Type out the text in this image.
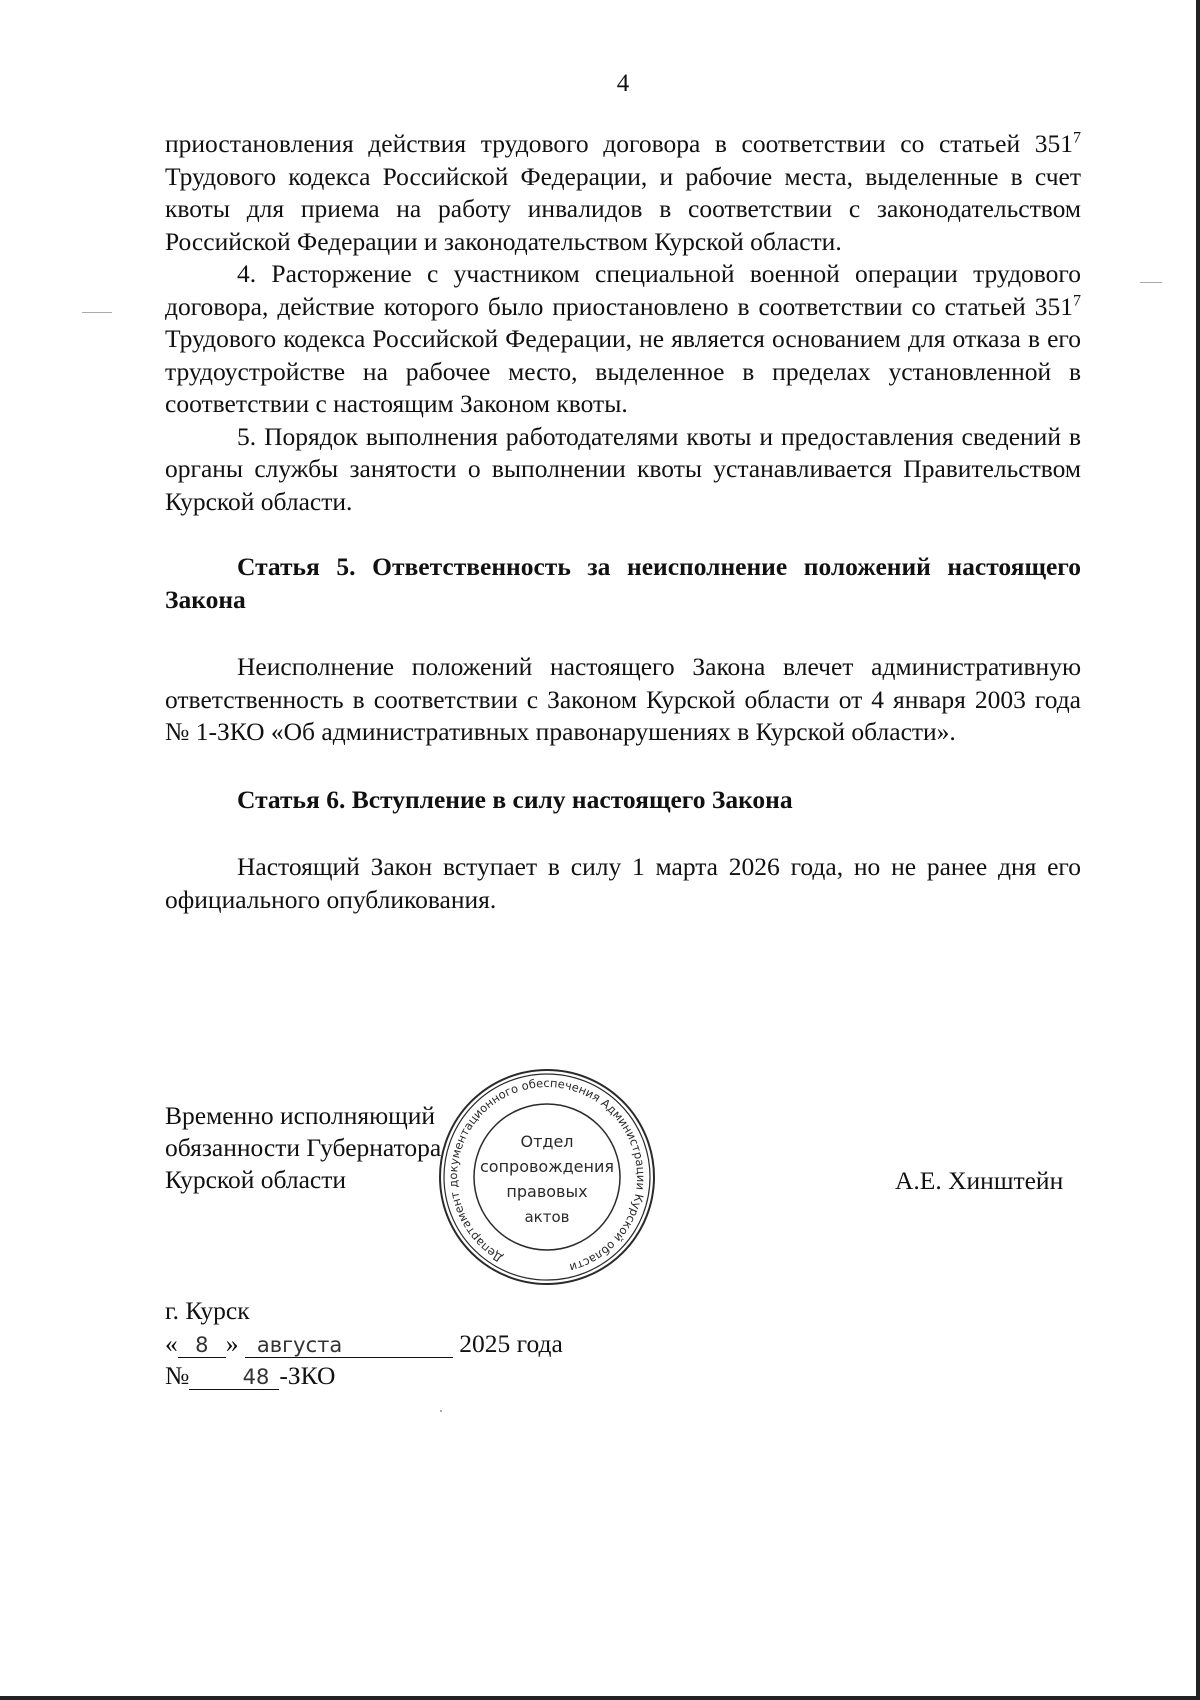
4

приостановления действия трудового договора в соответствии со статьей $351^7$ Трудового кодекса Российской Федерации, и рабочие места, выделенные в счет квоты для приема на работу инвалидов в соответствии с законодательством Российской Федерации и законодательством Курской области.

4. Расторжение с участником специальной военной операции трудового договора, действие которого было приостановлено в соответствии со статьей $351^7$ Трудового кодекса Российской Федерации, не является основанием для отказа в его трудоустройстве на рабочее место, выделенное в пределах установленной в соответствии с настоящим Законом квоты.

5. Порядок выполнения работодателями квоты и предоставления сведений в органы службы занятости о выполнении квоты устанавливается Правительством Курской области.

Статья 5. Ответственность за неисполнение положений настоящего Закона

Неисполнение положений настоящего Закона влечет административную ответственность в соответствии с Законом Курской области от 4 января 2003 года № 1-ЗКО «Об административных правонарушениях в Курской области».

Статья 6. Вступление в силу настоящего Закона

Настоящий Закон вступает в силу 1 марта 2026 года, но не ранее дня его официального опубликования.

Временно исполняющий
обязанности Губернатора
Курской области	А.Е. Хинштейн
Департамент документационного обеспечения Администрации Курской области
Отдел
сопровождения
правовых
актов
г. Курск
« 8 » августа	2025 года
№	48 -ЗКО
